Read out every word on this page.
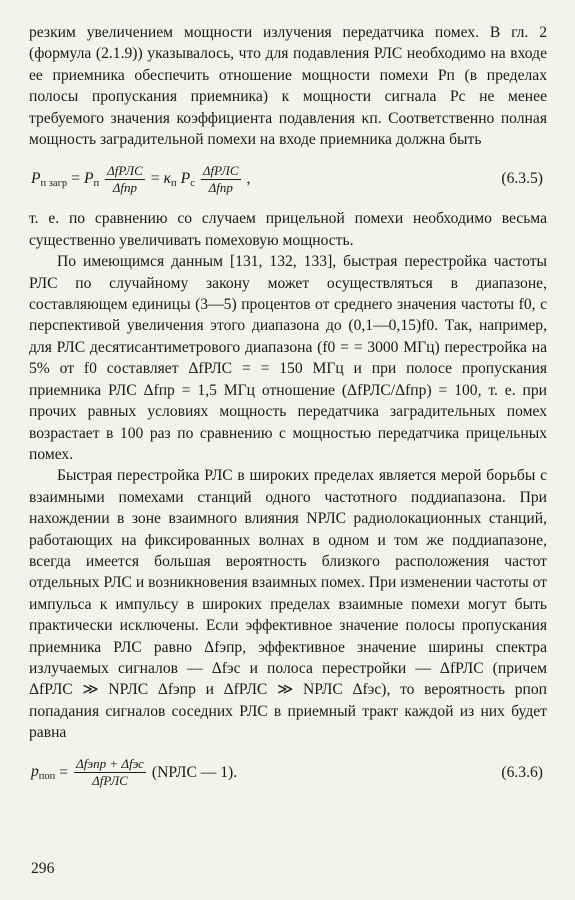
резким увеличением мощности излучения передатчика помех. В гл. 2 (формула (2.1.9)) указывалось, что для подавления РЛС необходимо на входе ее приемника обеспечить отношение мощности помехи Pп (в пределах полосы пропускания приемника) к мощности сигнала Pс не менее требуемого значения коэффициента подавления κп. Соответственно полная мощность заградительной помехи на входе приемника должна быть

$P_{п загр} = P_п \frac{\text{ΔfРЛС}}{\text{Δfпр}} = \kappa_п$ $P_с \frac{\text{ΔfРЛС}}{\text{Δfпр}}$ ,	(6.3.5)

т. е. по сравнению со случаем прицельной помехи необходимо весьма существенно увеличивать помеховую мощность.

По имеющимся данным [131, 132, 133], быстрая перестройка частоты РЛС по случайному закону может осуществляться в диапазоне, составляющем единицы (3—5) процентов от среднего значения частоты f0, с перспективой увеличения этого диапазона до (0,1—0,15)f0. Так, например, для РЛС десятисантиметрового диапазона (f0 = = 3000 МГц) перестройка на 5% от f0 составляет ΔfРЛС = = 150 МГц и при полосе пропускания приемника РЛС Δfпр = 1,5 МГц отношение (ΔfРЛС/Δfпр) = 100, т. е. при прочих равных условиях мощность передатчика заградительных помех возрастает в 100 раз по сравнению с мощностью передатчика прицельных помех.

Быстрая перестройка РЛС в широких пределах является мерой борьбы с взаимными помехами станций одного частотного поддиапазона. При нахождении в зоне взаимного влияния NРЛС радиолокационных станций, работающих на фиксированных волнах в одном и том же поддиапазоне, всегда имеется большая вероятность близкого расположения частот отдельных РЛС и возникновения взаимных помех. При изменении частоты от импульса к импульсу в широких пределах взаимные помехи могут быть практически исключены. Если эффективное значение полосы пропускания приемника РЛС равно Δfэпр, эффективное значение ширины спектра излучаемых сигналов — Δfэс и полоса перестройки — ΔfРЛС (причем ΔfРЛС ≫ NРЛС Δfэпр и ΔfРЛС ≫ NРЛС Δfэс), то вероятность pпоп попадания сигналов соседних РЛС в приемный тракт каждой из них будет равна

$p_{поп} = \frac{\text{Δfэпр + Δfэс}}{\text{ΔfРЛС}}$ (NРЛС — 1).	(6.3.6)
296
